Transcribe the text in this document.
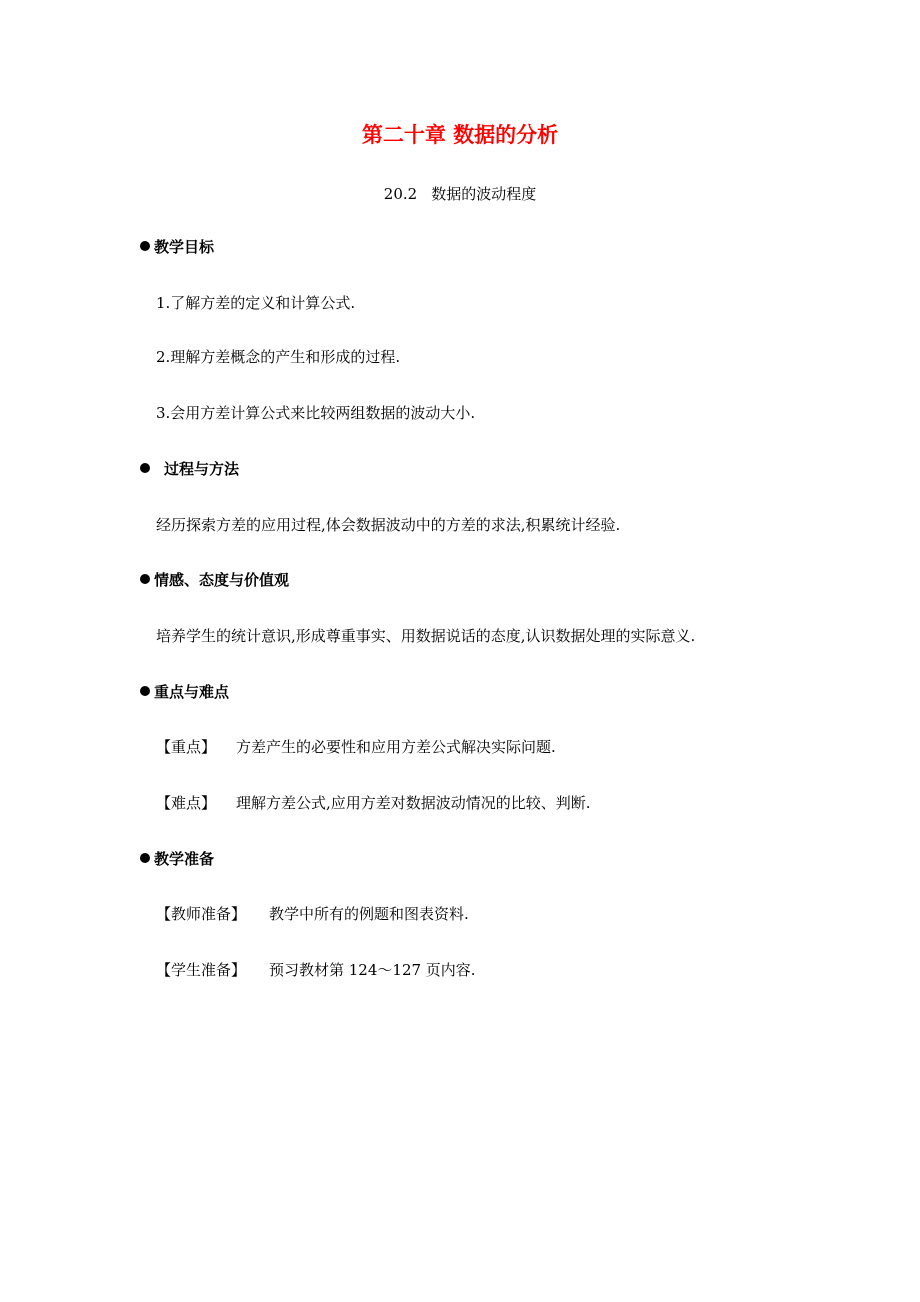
第二十章 数据的分析
20.2 数据的波动程度
教学目标
1.了解方差的定义和计算公式.
2.理解方差概念的产生和形成的过程.
3.会用方差计算公式来比较两组数据的波动大小.
过程与方法
经历探索方差的应用过程,体会数据波动中的方差的求法,积累统计经验.
情感、态度与价值观
培养学生的统计意识,形成尊重事实、用数据说话的态度,认识数据处理的实际意义.
重点与难点
【重点】 方差产生的必要性和应用方差公式解决实际问题.
【难点】 理解方差公式,应用方差对数据波动情况的比较、判断.
教学准备
【教师准备】 教学中所有的例题和图表资料.
【学生准备】 预习教材第 124〜127 页内容.
